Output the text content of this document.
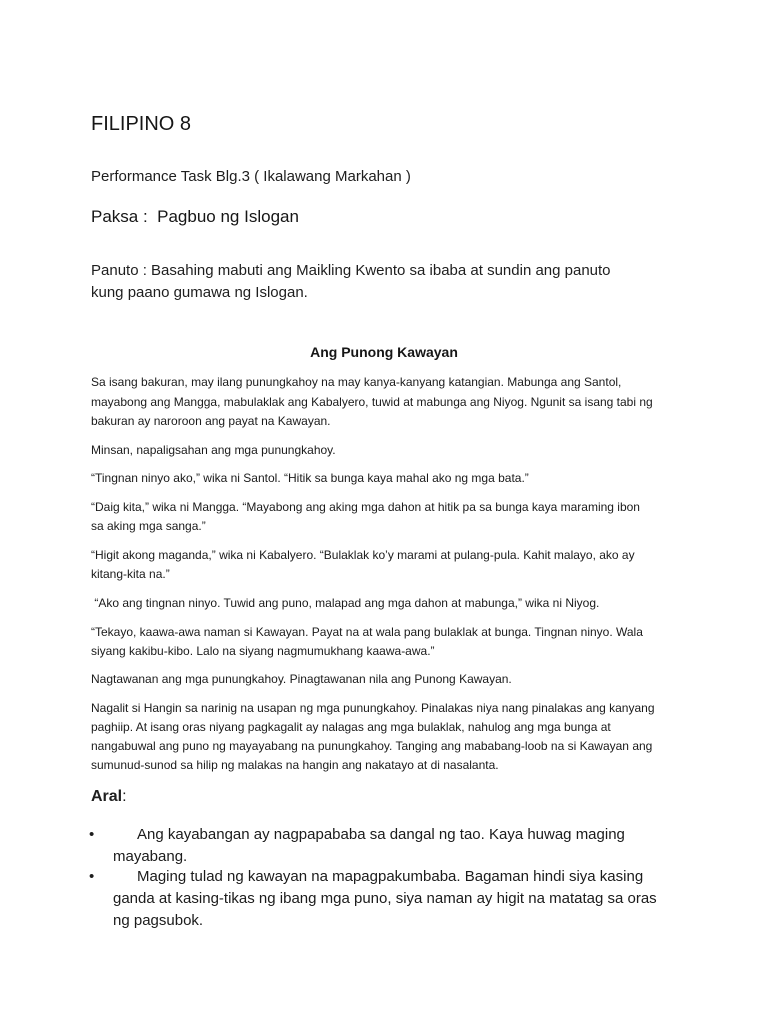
FILIPINO 8
Performance Task Blg.3 ( Ikalawang Markahan )
Paksa :  Pagbuo ng Islogan
Panuto : Basahing mabuti ang Maikling Kwento sa ibaba at sundin ang panuto
kung paano gumawa ng Islogan.
Ang Punong Kawayan
Sa isang bakuran, may ilang punungkahoy na may kanya-kanyang katangian. Mabunga ang Santol,
mayabong ang Mangga, mabulaklak ang Kabalyero, tuwid at mabunga ang Niyog. Ngunit sa isang tabi ng
bakuran ay naroroon ang payat na Kawayan.
Minsan, napaligsahan ang mga punungkahoy.
“Tingnan ninyo ako,” wika ni Santol. “Hitik sa bunga kaya mahal ako ng mga bata.”
“Daig kita,” wika ni Mangga. “Mayabong ang aking mga dahon at hitik pa sa bunga kaya maraming ibon
sa aking mga sanga.”
“Higit akong maganda,” wika ni Kabalyero. “Bulaklak ko’y marami at pulang-pula. Kahit malayo, ako ay
kitang-kita na.”
“Ako ang tingnan ninyo. Tuwid ang puno, malapad ang mga dahon at mabunga,” wika ni Niyog.
“Tekayo, kaawa-awa naman si Kawayan. Payat na at wala pang bulaklak at bunga. Tingnan ninyo. Wala
siyang kakibu-kibo. Lalo na siyang nagmumukhang kaawa-awa.”
Nagtawanan ang mga punungkahoy. Pinagtawanan nila ang Punong Kawayan.
Nagalit si Hangin sa narinig na usapan ng mga punungkahoy. Pinalakas niya nang pinalakas ang kanyang
paghiip. At isang oras niyang pagkagalit ay nalagas ang mga bulaklak, nahulog ang mga bunga at
nangabuwal ang puno ng mayayabang na punungkahoy. Tanging ang mababang-loob na si Kawayan ang
sumunud-sunod sa hilip ng malakas na hangin ang nakatayo at di nasalanta.
Aral:
•	Ang kayabangan ay nagpapababa sa dangal ng tao. Kaya huwag maging
mayabang.
•	Maging tulad ng kawayan na mapagpakumbaba. Bagaman hindi siya kasing
ganda at kasing-tikas ng ibang mga puno, siya naman ay higit na matatag sa oras
ng pagsubok.
